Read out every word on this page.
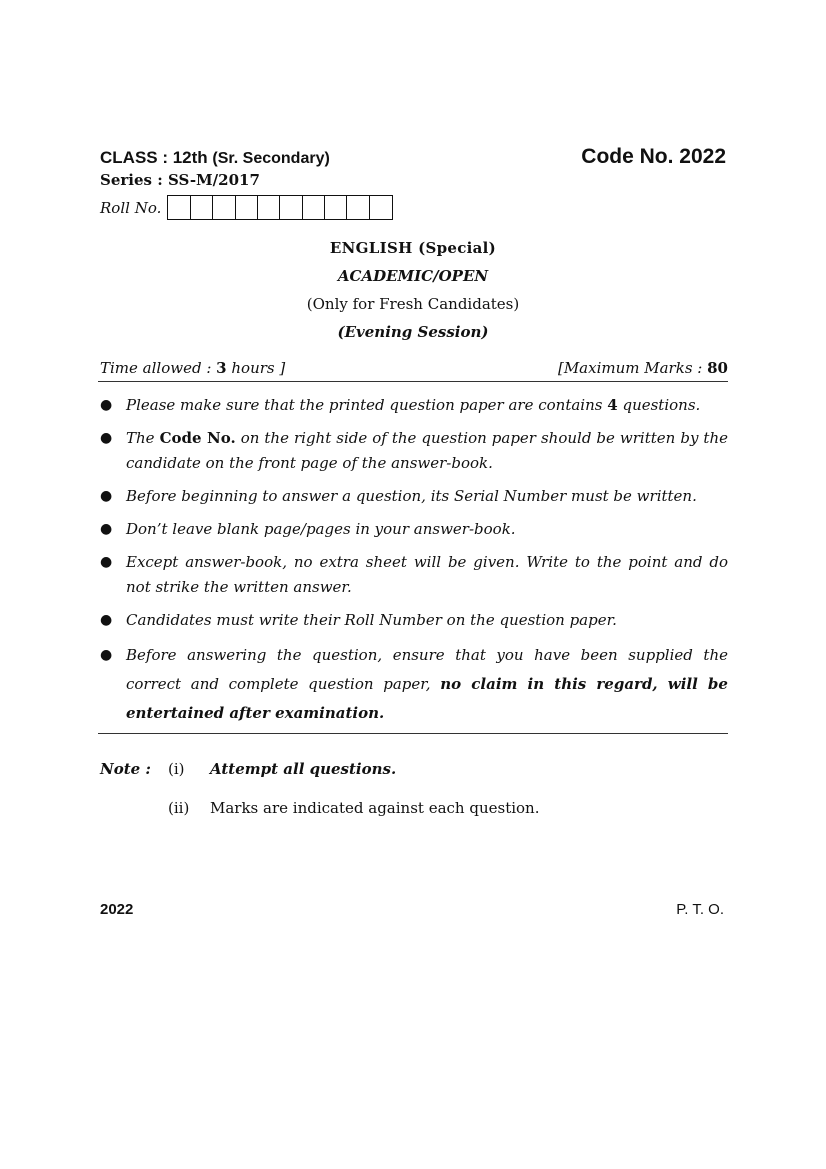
CLASS : 12th (Sr. Secondary)	Code No. 2022
Series : SS-M/2017
Roll No.
ENGLISH (Special)
ACADEMIC/OPEN
(Only for Fresh Candidates)
(Evening Session)
Time allowed : 3 hours ]	[Maximum Marks : 80
● Please make sure that the printed question paper are contains 4 questions.
● The Code No. on the right side of the question paper should be written by the candidate on the front page of the answer-book.
● Before beginning to answer a question, its Serial Number must be written.
● Don’t leave blank page/pages in your answer-book.
● Except answer-book, no extra sheet will be given. Write to the point and do not strike the written answer.
● Candidates must write their Roll Number on the question paper.
● Before answering the question, ensure that you have been supplied the correct and complete question paper, no claim in this regard, will be entertained after examination.
Note :	(i)	Attempt all questions.
(ii)	Marks are indicated against each question.
2022	P. T. O.
